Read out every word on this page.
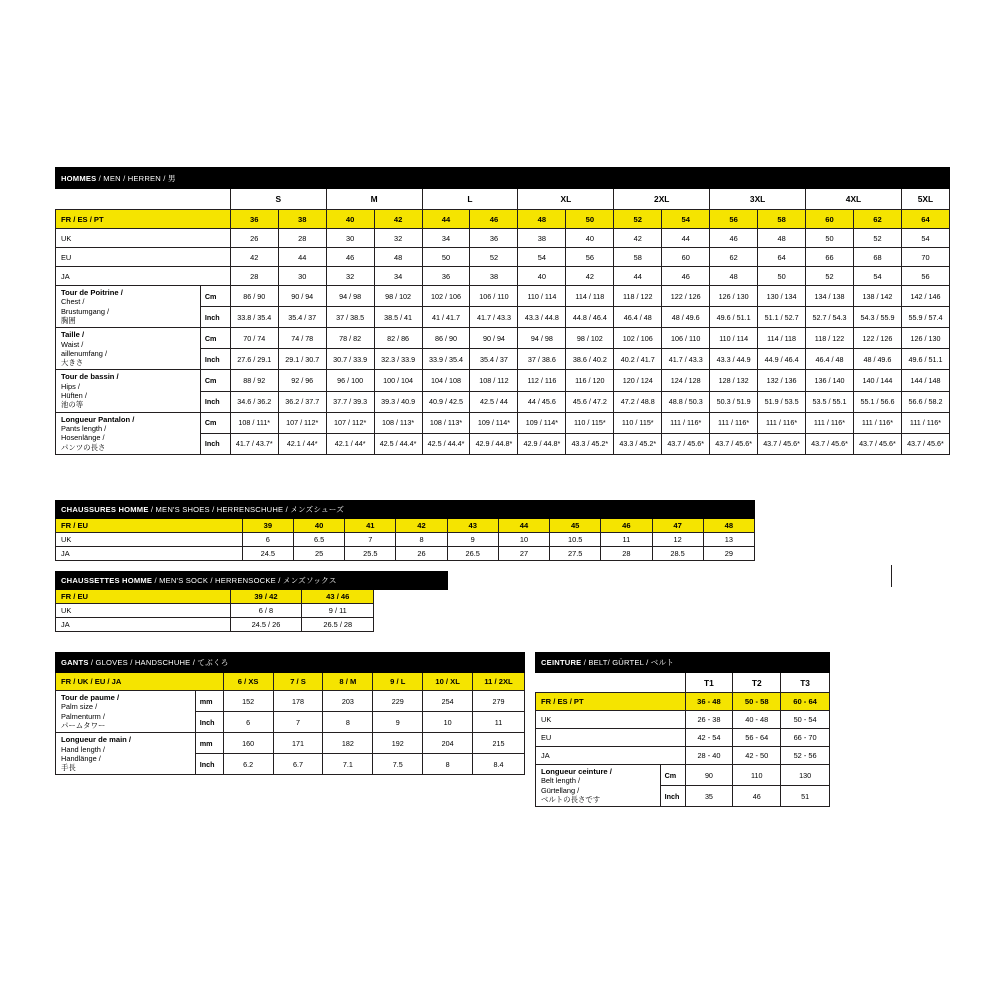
HOMMES / MEN / HERREN / 男																
		S		M		L		XL		2XL		3XL		4XL		5XL
FR / ES / PT		36	38	40	42	44	46	48	50	52	54	56	58	60	62	64
UK		26	28	30	32	34	36	38	40	42	44	46	48	50	52	54
EU		42	44	46	48	50	52	54	56	58	60	62	64	66	68	70
JA		28	30	32	34	36	38	40	42	44	46	48	50	52	54	56
Tour de Poitrine /
Chest /
Brustumgang /
胸囲	Cm	86 / 90	90 / 94	94 / 98	98 / 102	102 / 106	106 / 110	110 / 114	114 / 118	118 / 122	122 / 126	126 / 130	130 / 134	134 / 138	138 / 142	142 / 146
	Inch	33.8 / 35.4	35.4 / 37	37 / 38.5	38.5 / 41	41 / 41.7	41.7 / 43.3	43.3 / 44.8	44.8 / 46.4	46.4 / 48	48 / 49.6	49.6 / 51.1	51.1 / 52.7	52.7 / 54.3	54.3 / 55.9	55.9 / 57.4
Taille /
Waist /
aillenumfang /
大きさ	Cm	70 / 74	74 / 78	78 / 82	82 / 86	86 / 90	90 / 94	94 / 98	98 / 102	102 / 106	106 / 110	110 / 114	114 / 118	118 / 122	122 / 126	126 / 130
	Inch	27.6 / 29.1	29.1 / 30.7	30.7 / 33.9	32.3 / 33.9	33.9 / 35.4	35.4 / 37	37 / 38.6	38.6 / 40.2	40.2 / 41.7	41.7 / 43.3	43.3 / 44.9	44.9 / 46.4	46.4 / 48	48 / 49.6	49.6 / 51.1
Tour de bassin /
Hips /
Hüften /
池の等	Cm	88 / 92	92 / 96	96 / 100	100 / 104	104 / 108	108 / 112	112 / 116	116 / 120	120 / 124	124 / 128	128 / 132	132 / 136	136 / 140	140 / 144	144 / 148
	Inch	34.6 / 36.2	36.2 / 37.7	37.7 / 39.3	39.3 / 40.9	40.9 / 42.5	42.5 / 44	44 / 45.6	45.6 / 47.2	47.2 / 48.8	48.8 / 50.3	50.3 / 51.9	51.9 / 53.5	53.5 / 55.1	55.1 / 56.6	56.6 / 58.2
Longueur Pantalon /
Pants length /
Hosenlänge /
パンツの長さ	Cm	108 / 111*	107 / 112*	107 / 112*	108 / 113*	108 / 113*	109 / 114*	109 / 114*	110 / 115*	110 / 115*	111 / 116*	111 / 116*	111 / 116*	111 / 116*	111 / 116*	111 / 116*
	Inch	41.7 / 43.7*	42.1 / 44*	42.1 / 44*	42.5 / 44.4*	42.5 / 44.4*	42.9 / 44.8*	42.9 / 44.8*	43.3 / 45.2*	43.3 / 45.2*	43.7 / 45.6*	43.7 / 45.6*	43.7 / 45.6*	43.7 / 45.6*	43.7 / 45.6*	43.7 / 45.6*
CHAUSSURES HOMME / MEN'S SHOES / HERRENSCHUHE / メンズシューズ										
FR / EU	39	40	41	42	43	44	45	46	47	48
UK	6	6.5	7	8	9	10	10.5	11	12	13
JA	24.5	25	25.5	26	26.5	27	27.5	28	28.5	29
CHAUSSETTES HOMME / MEN'S SOCK / HERRENSOCKE / メンズソックス			
FR / EU	39 / 42	43 / 46	
UK	6 / 8	9 / 11	
JA	24.5 / 26	26.5 / 28	
GANTS / GLOVES / HANDSCHUHE / てぶくろ							
FR / UK / EU / JA		6 / XS	7 / S	8 / M	9 / L	10 / XL	11 / 2XL
Tour de paume /
Palm size /
Palmenturm /
パームタワー	mm	152	178	203	229	254	279
	Inch	6	7	8	9	10	11
Longueur de main /
Hand length /
Handlänge /
手長	mm	160	171	182	192	204	215
	Inch	6.2	6.7	7.1	7.5	8	8.4
CEINTURE / BELT/ GÜRTEL / ベルト				
		T1	T2	T3
FR / ES / PT		36 - 48	50 - 58	60 - 64
UK		26 - 38	40 - 48	50 - 54
EU		42 - 54	56 - 64	66 - 70
JA		28 - 40	42 - 50	52 - 56
Longueur ceinture /
Belt length /
Gürtellang /
ベルトの長さです	Cm	90	110	130
	Inch	35	46	51
